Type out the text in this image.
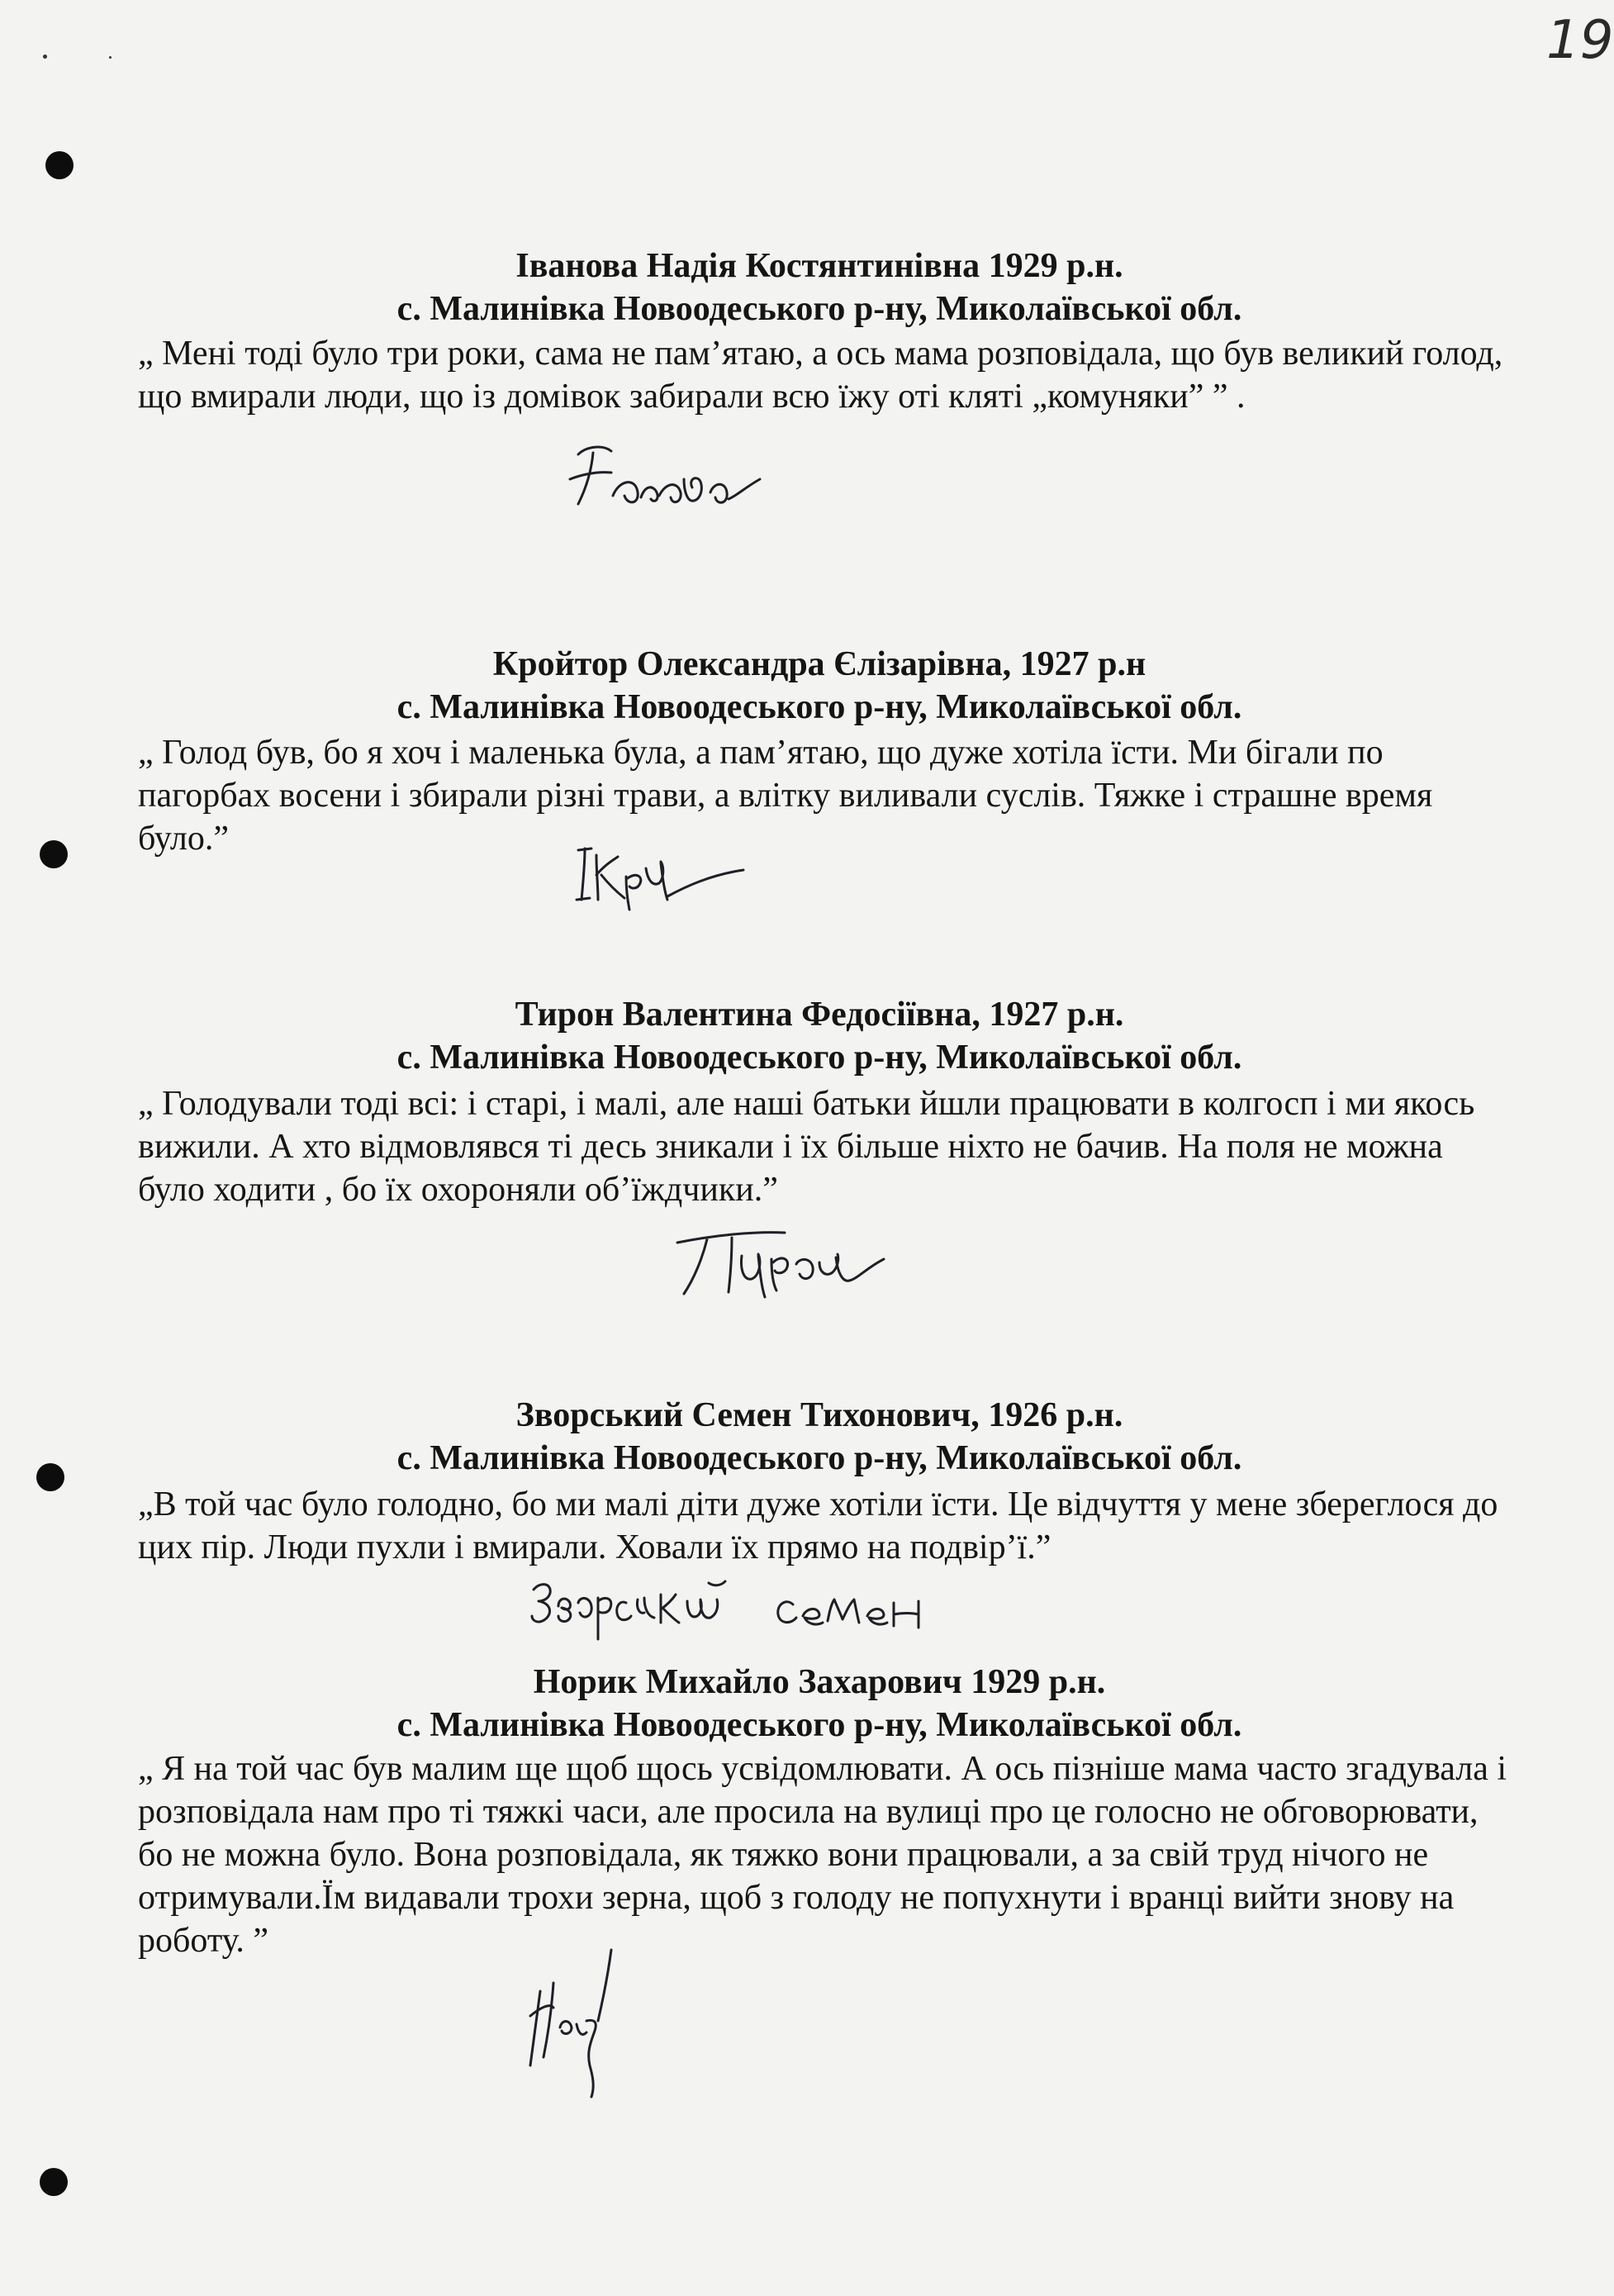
19
Іванова Надія Костянтинівна 1929 р.н.
с. Малинівка Новоодеського р-ну, Миколаївської обл.
„ Мені тоді було три роки, сама не пам’ятаю, а ось мама розповідала, що був великий голод, що вмирали люди, що із домівок забирали всю їжу оті кляті „комуняки” ” .
Кройтор Олександра Єлізарівна, 1927 р.н
с. Малинівка Новоодеського р-ну, Миколаївської обл.
„ Голод був, бо я хоч і маленька була, а пам’ятаю, що дуже хотіла їсти. Ми бігали по пагорбах восени і збирали різні трави, а влітку виливали суслів. Тяжке і страшне время було.”
Тирон Валентина Федосіївна, 1927 р.н.
с. Малинівка Новоодеського р-ну, Миколаївської обл.
„ Голодували тоді всі: і старі, і малі, але наші батьки йшли працювати в колгосп і ми якось вижили. А хто відмовлявся ті десь зникали і їх більше ніхто не бачив. На поля не можна було ходити , бо їх охороняли об’їждчики.”
Зворський Семен Тихонович, 1926 р.н.
с. Малинівка Новоодеського р-ну, Миколаївської обл.
„В той час було голодно, бо ми малі діти дуже хотіли їсти. Це відчуття у мене збереглося до цих пір. Люди пухли і вмирали. Ховали їх прямо на подвір’ї.”
Норик Михайло Захарович 1929 р.н.
с. Малинівка Новоодеського р-ну, Миколаївської обл.
„ Я на той час був малим ще щоб щось усвідомлювати. А ось пізніше мама часто згадувала і розповідала нам про ті тяжкі часи, але просила на вулиці про це голосно не обговорювати, бо не можна було. Вона розповідала, як тяжко вони працювали, а за свій труд нічого не отримували.Їм видавали трохи зерна, щоб з голоду не попухнути і вранці вийти знову на роботу. ”
